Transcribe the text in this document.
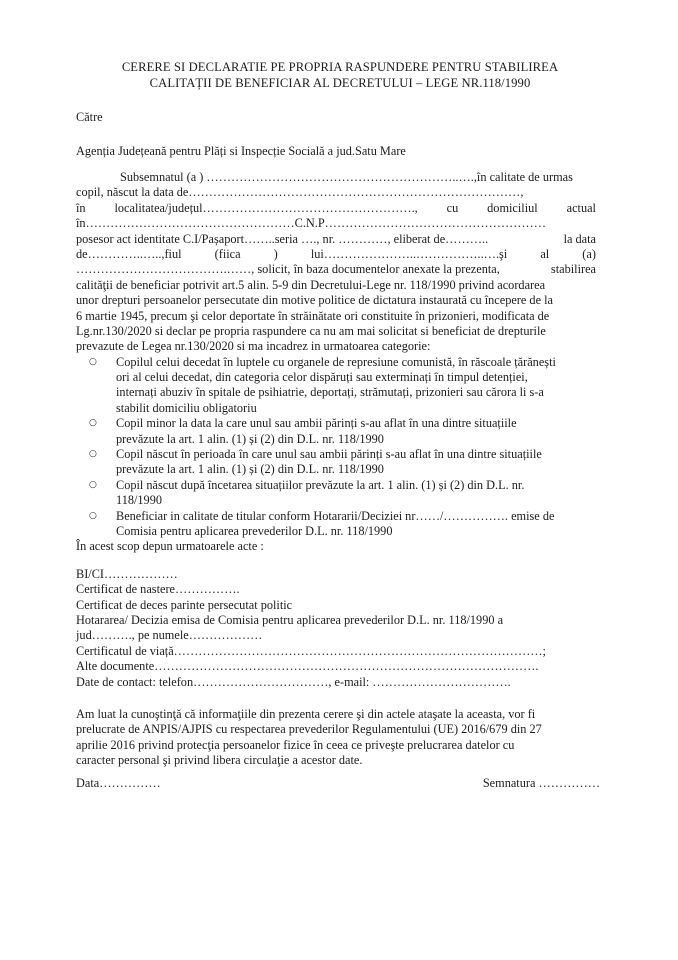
CERERE SI DECLARATIE PE PROPRIA RASPUNDERE PENTRU STABILIREA
CALITAȚII DE BENEFICIAR AL DECRETULUI – LEGE NR.118/1990
Către
Agenția Județeană pentru Plăți si Inspecție Socială a jud.Satu Mare
Subsemnatul (a ) ……………………………………………………..….,în calitate de urmas
copil, născut la data de………………………………………………………………………,
în localitatea/județul……………………………………………., cu domiciliul actual
în……………………………………………C.N.P………………………………………………
posesor act identitate C.I/Pașaport……..seria …., nr. …………, eliberat de………..	la data
de…………..…..,fiul	(fiica	)	lui…………………..……………..….şi	al	(a)
……………………………….……, solicit, în baza documentelor anexate la prezenta,	stabilirea
calităţii de beneficiar potrivit art.5 alin. 5-9 din Decretului-Lege nr. 118/1990 privind acordarea
unor drepturi persoanelor persecutate din motive politice de dictatura instaurată cu începere de la
6 martie 1945, precum şi celor deportate în străinătate ori constituite în prizonieri, modificata de
Lg.nr.130/2020 si declar pe propria raspundere ca nu am mai solicitat si beneficiat de drepturile
prevazute de Legea nr.130/2020 si ma incadrez in urmatoarea categorie:
○ Copilul celui decedat în luptele cu organele de represiune comunistă, în răscoale țărănești
ori al celui decedat, din categoria celor dispăruți sau exterminați în timpul detenției,
internați abuziv în spitale de psihiatrie, deportați, strămutați, prizonieri sau cărora li s-a
stabilit domiciliu obligatoriu
○ Copil minor la data la care unul sau ambii părinți s-au aflat în una dintre situațiile
prevăzute la art. 1 alin. (1) și (2) din D.L. nr. 118/1990
○ Copil născut în perioada în care unul sau ambii părinți s-au aflat în una dintre situațiile
prevăzute la art. 1 alin. (1) și (2) din D.L. nr. 118/1990
○ Copil născut după încetarea situațiilor prevăzute la art. 1 alin. (1) și (2) din D.L. nr.
118/1990
○ Beneficiar in calitate de titular conform Hotararii/Deciziei nr……/……………. emise de
Comisia pentru aplicarea prevederilor D.L. nr. 118/1990
În acest scop depun urmatoarele acte :
BI/CI………………
Certificat de nastere…………….
Certificat de deces parinte persecutat politic
Hotararea/ Decizia emisa de Comisia pentru aplicarea prevederilor D.L. nr. 118/1990 a
jud………., pe numele………………
Certificatul de viață………………………………………………………………………………;
Alte documente………………………………………………………………………………….
Date de contact: telefon……………………………, e-mail: …………………………….
Am luat la cunoştinţă că informaţiile din prezenta cerere şi din actele ataşate la aceasta, vor fi
prelucrate de ANPIS/AJPIS cu respectarea prevederilor Regulamentului (UE) 2016/679 din 27
aprilie 2016 privind protecţia persoanelor fizice în ceea ce priveşte prelucrarea datelor cu
caracter personal şi privind libera circulaţie a acestor date.
Data……………	Semnatura ……………
